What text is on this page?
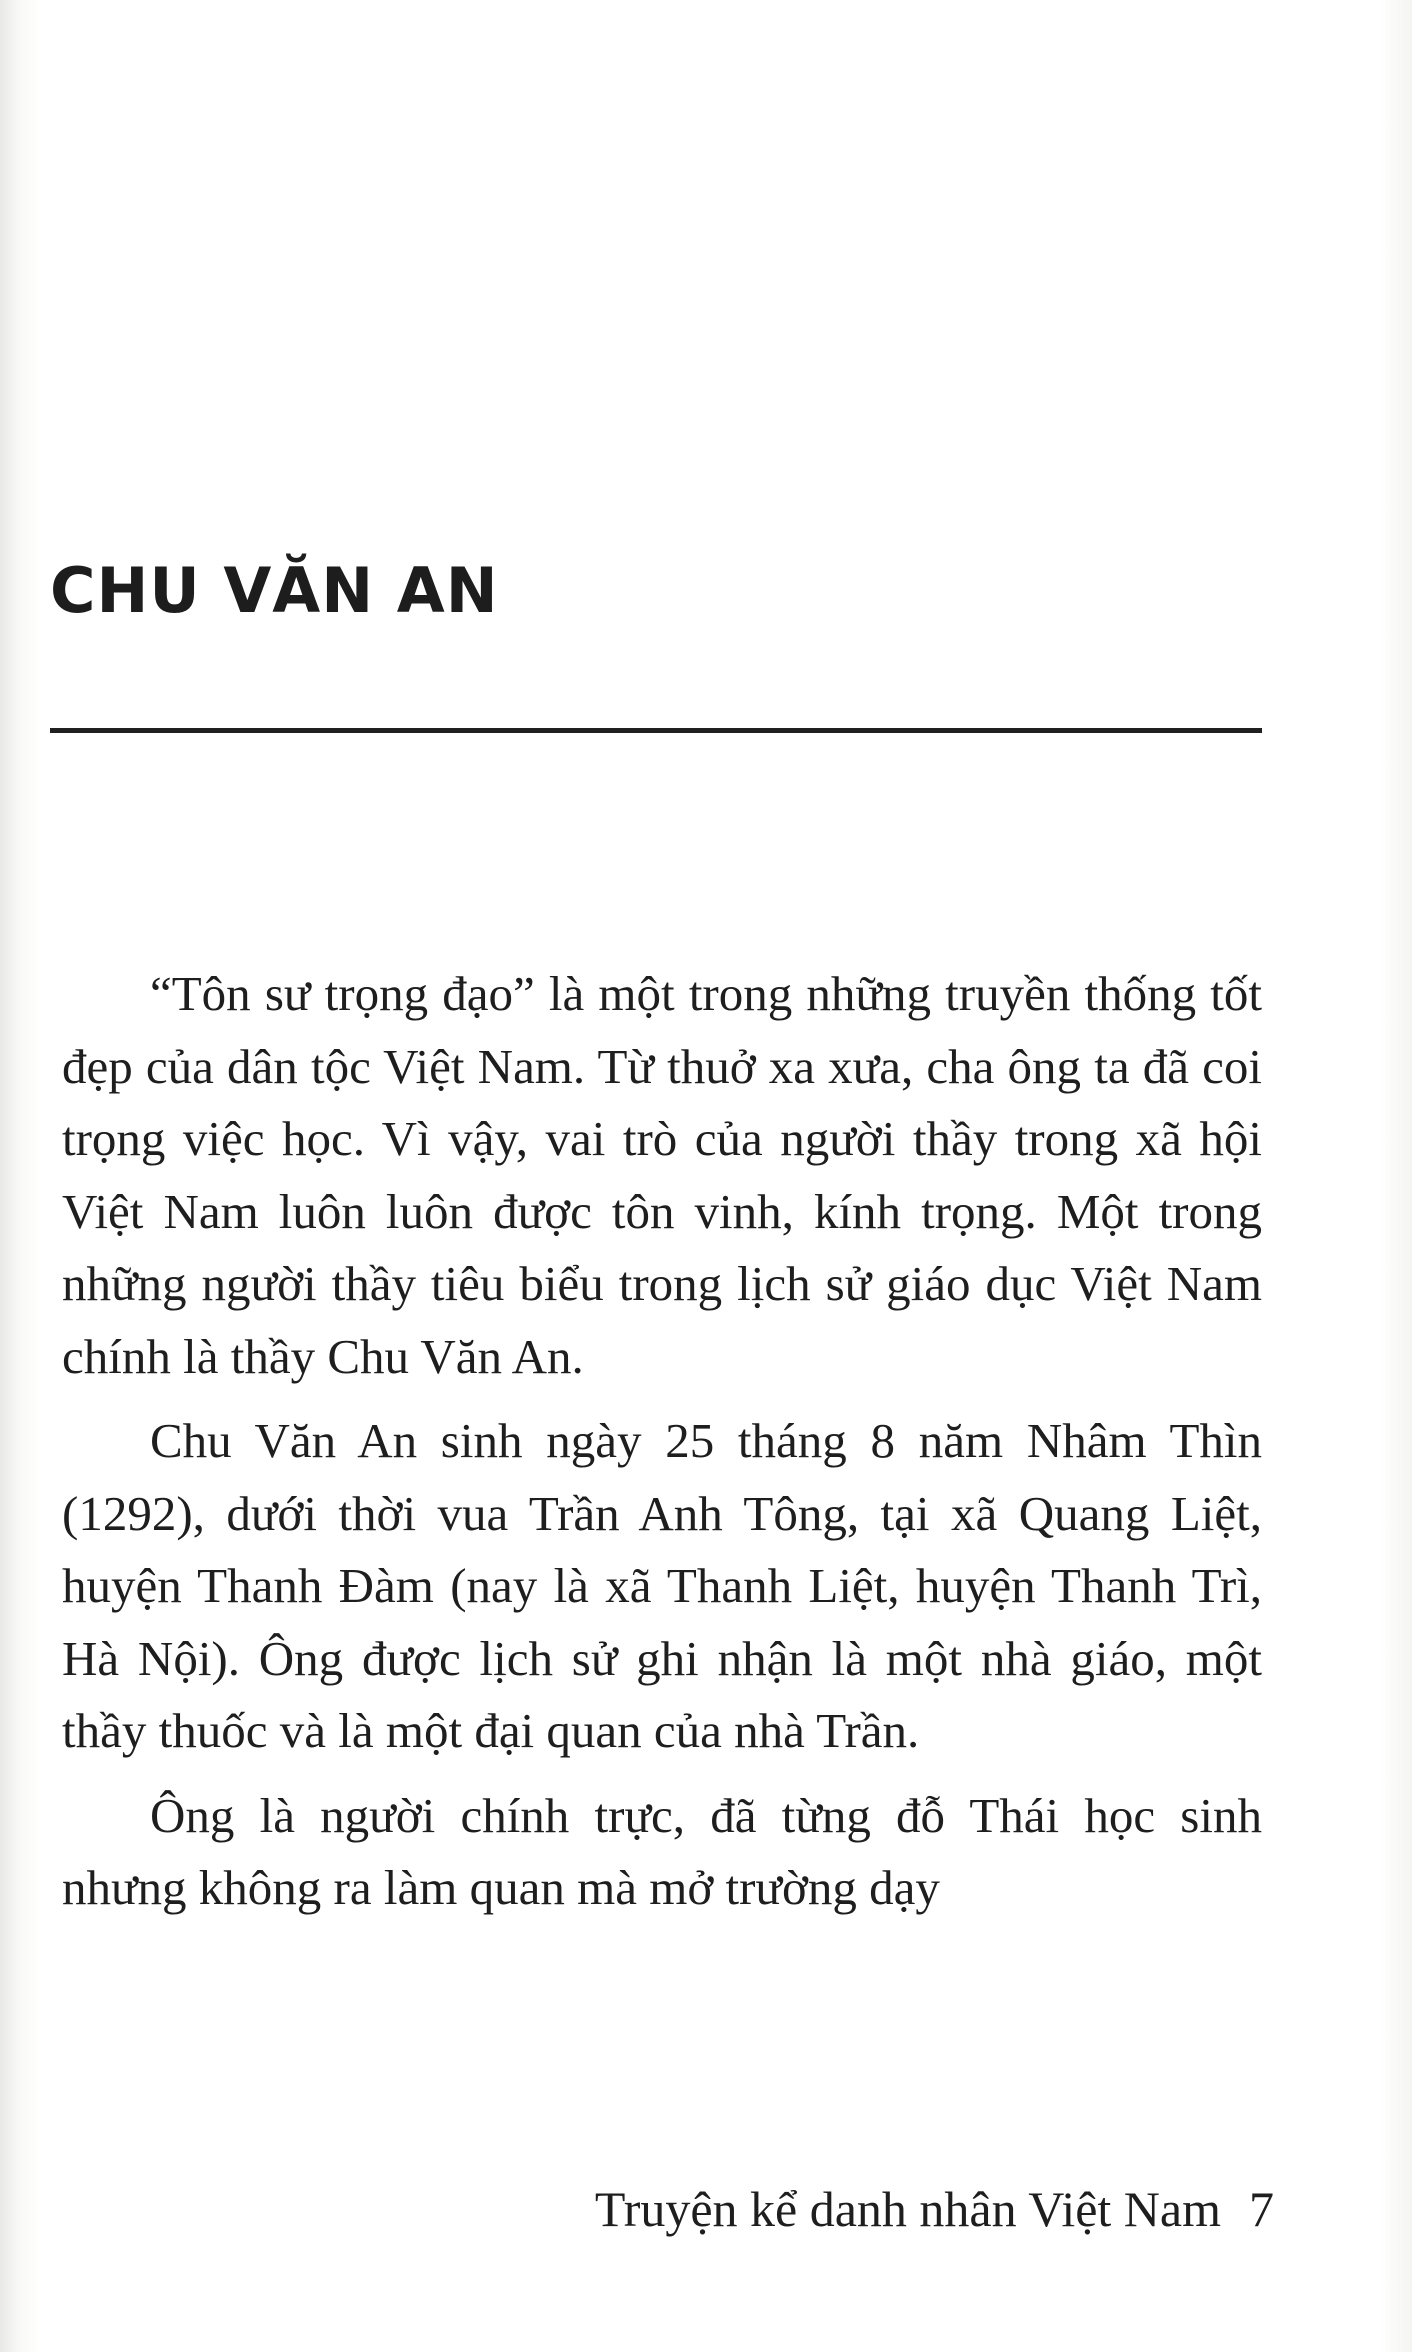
CHU VĂN AN

“Tôn sư trọng đạo” là một trong những truyền thống tốt đẹp của dân tộc Việt Nam. Từ thuở xa xưa, cha ông ta đã coi trọng việc học. Vì vậy, vai trò của người thầy trong xã hội Việt Nam luôn luôn được tôn vinh, kính trọng. Một trong những người thầy tiêu biểu trong lịch sử giáo dục Việt Nam chính là thầy Chu Văn An.

Chu Văn An sinh ngày 25 tháng 8 năm Nhâm Thìn (1292), dưới thời vua Trần Anh Tông, tại xã Quang Liệt, huyện Thanh Đàm (nay là xã Thanh Liệt, huyện Thanh Trì, Hà Nội). Ông được lịch sử ghi nhận là một nhà giáo, một thầy thuốc và là một đại quan của nhà Trần.

Ông là người chính trực, đã từng đỗ Thái học sinh nhưng không ra làm quan mà mở trường dạy

Truyện kể danh nhân Việt Nam 7
